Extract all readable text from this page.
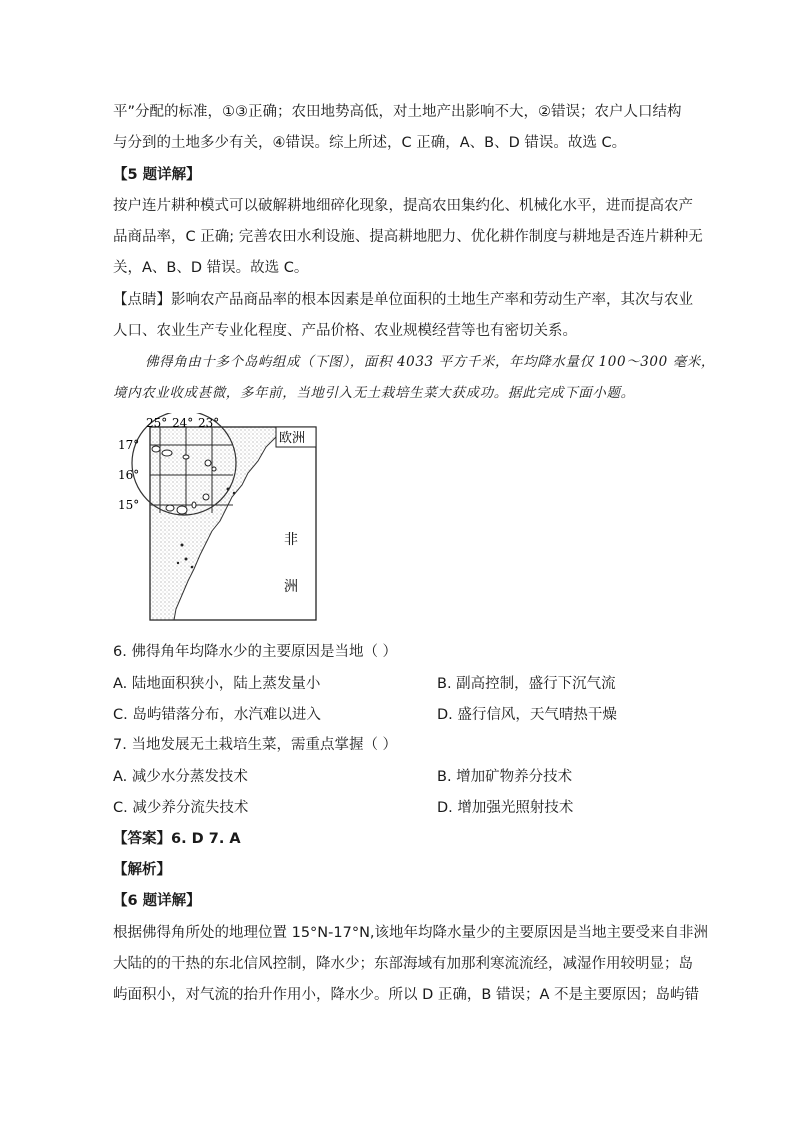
平”分配的标准，①③正确；农田地势高低，对土地产出影响不大，②错误；农户人口结构
与分到的土地多少有关，④错误。综上所述，C 正确，A、B、D 错误。故选 C。
【5 题详解】
按户连片耕种模式可以破解耕地细碎化现象，提高农田集约化、机械化水平，进而提高农产
品商品率，C 正确; 完善农田水利设施、提高耕地肥力、优化耕作制度与耕地是否连片耕种无
关，A、B、D 错误。故选 C。
【点睛】影响农产品商品率的根本因素是单位面积的土地生产率和劳动生产率，其次与农业
人口、农业生产专业化程度、产品价格、农业规模经营等也有密切关系。
佛得角由十多个岛屿组成（下图），面积 4033 平方千米，年均降水量仅 100～300 毫米，
境内农业收成甚微，多年前，当地引入无土栽培生菜大获成功。据此完成下面小题。
欧洲
非
洲
25° 24° 23°
17°
16°
15°
6. 佛得角年均降水少的主要原因是当地（ ）
A. 陆地面积狭小，陆上蒸发量小	B. 副高控制，盛行下沉气流
C. 岛屿错落分布，水汽难以进入	D. 盛行信风，天气晴热干燥
7. 当地发展无土栽培生菜，需重点掌握（ ）
A. 减少水分蒸发技术	B. 增加矿物养分技术
C. 减少养分流失技术	D. 增加强光照射技术
【答案】6. D 7. A
【解析】
【6 题详解】
根据佛得角所处的地理位置 15°N-17°N,该地年均降水量少的主要原因是当地主要受来自非洲
大陆的的干热的东北信风控制，降水少；东部海域有加那利寒流流经，减湿作用较明显；岛
屿面积小，对气流的抬升作用小，降水少。所以 D 正确，B 错误；A 不是主要原因；岛屿错
